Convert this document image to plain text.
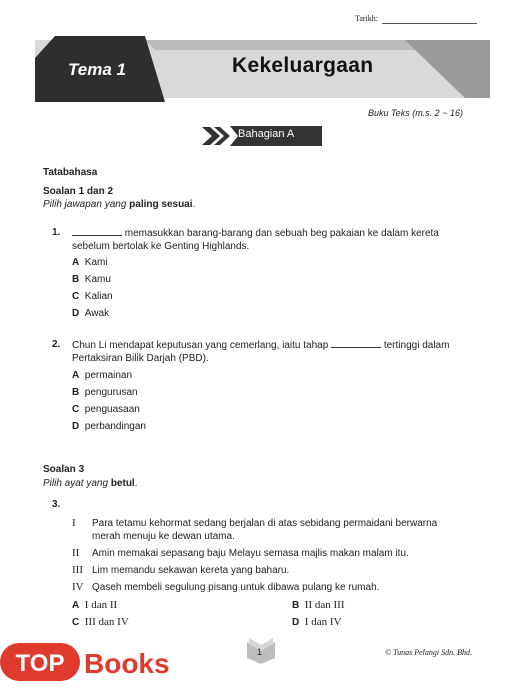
Tarikh:
Tema 1	Kekeluargaan
Buku Teks (m.s. 2 ~ 16)
Bahagian A
Tatabahasa
Soalan 1 dan 2
Pilih jawapan yang paling sesuai.
1.	memasukkan barang-barang dan sebuah beg pakaian ke dalam kereta
sebelum bertolak ke Genting Highlands.
A Kami
B Kamu
C Kalian
D Awak
2. Chun Li mendapat keputusan yang cemerlang, iaitu tahap	tertinggi dalam
Pertaksiran Bilik Darjah (PBD).
A permainan
B pengurusan
C penguasaan
D perbandingan
Soalan 3
Pilih ayat yang betul.
3.
I Para tetamu kehormat sedang berjalan di atas sebidang permaidani berwarna
merah menuju ke dewan utama.
II Amin memakai sepasang baju Melayu semasa majlis makan malam itu.
III Lim memandu sekawan kereta yang baharu.
IV Qaseh membeli segulung pisang untuk dibawa pulang ke rumah.
A I dan II	B II dan III
C III dan IV	D I dan IV
1	© Tunas Pelangi Sdn. Bhd.
TOP Books
